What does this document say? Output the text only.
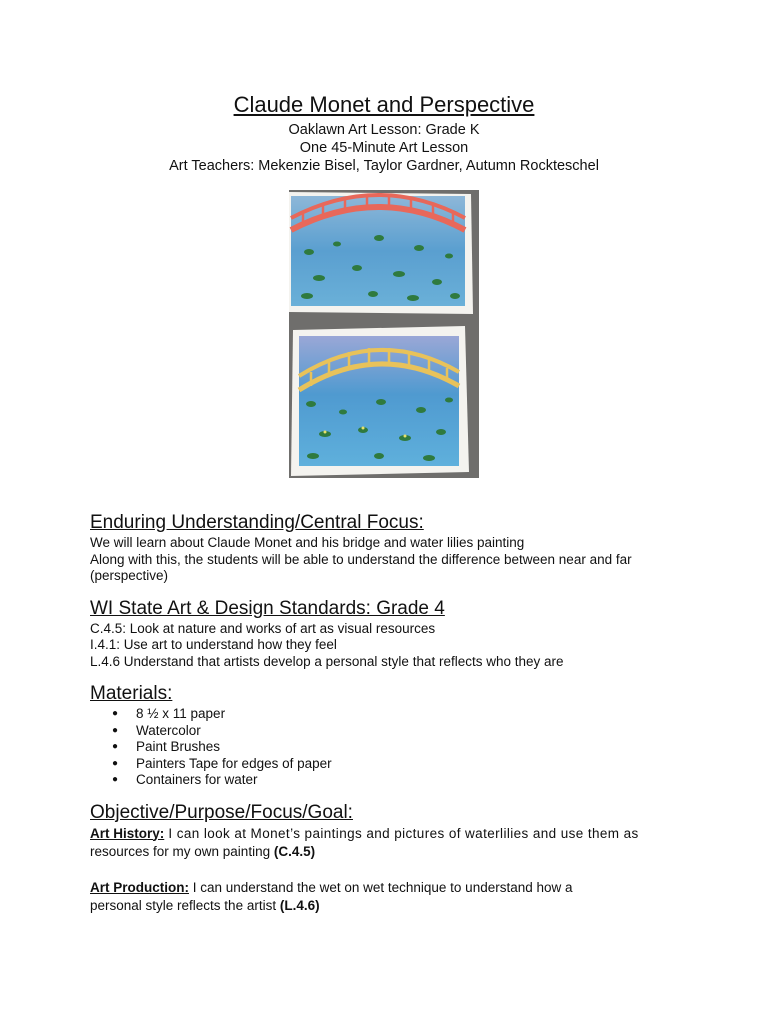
Claude Monet and Perspective

Oaklawn Art Lesson: Grade K

One 45-Minute Art Lesson

Art Teachers: Mekenzie Bisel, Taylor Gardner, Autumn Rockteschel

Enduring Understanding/Central Focus:

We will learn about Claude Monet and his bridge and water lilies painting

Along with this, the students will be able to understand the difference between near and far

(perspective)

WI State Art & Design Standards: Grade 4

C.4.5: Look at nature and works of art as visual resources

I.4.1: Use art to understand how they feel

L.4.6 Understand that artists develop a personal style that reflects who they are

Materials:
● 8 ½ x 11 paper
● Watercolor
● Paint Brushes
● Painters Tape for edges of paper
● Containers for water
Objective/Purpose/Focus/Goal:

Art History: I can look at Monet’s paintings and pictures of waterlilies and use them as

resources for my own painting (C.4.5)

Art Production: I can understand the wet on wet technique to understand how a

personal style reflects the artist (L.4.6)
